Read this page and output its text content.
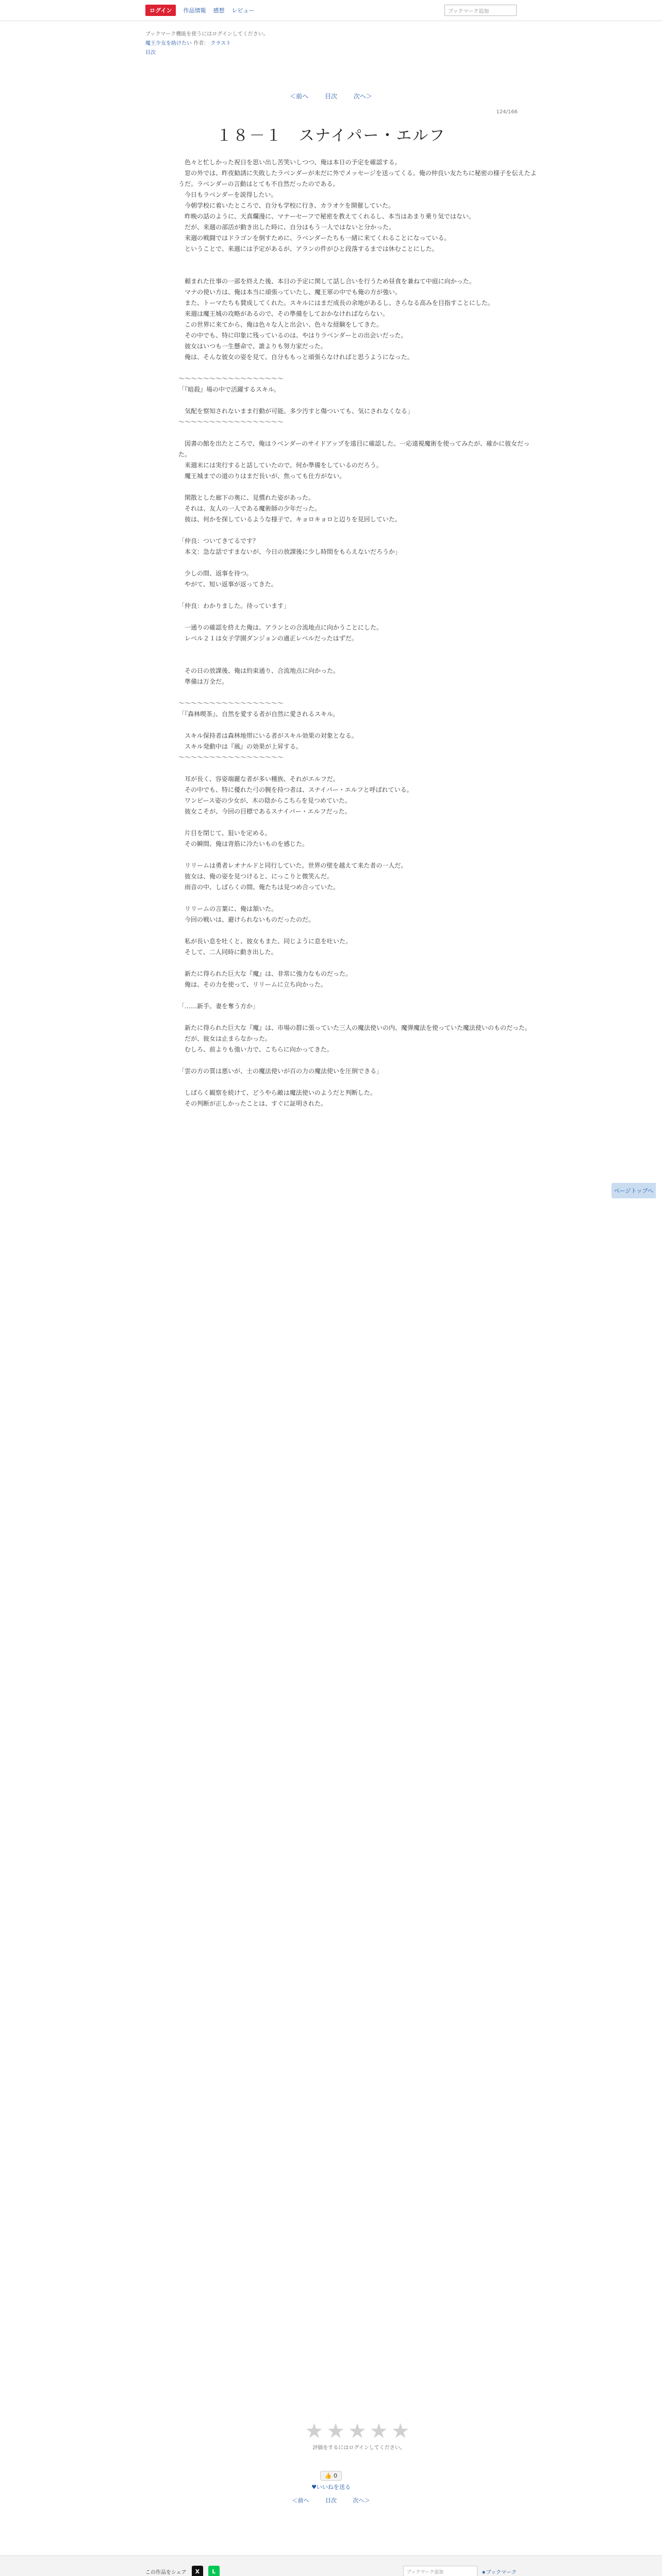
ログイン	作品情報 感想 レビュー	ブックマーク追加
ブックマーク機能を使うにはログインしてください。
魔王少女を助けたい 作者： クラスト
目次
＜前へ	目次	次へ＞
124/166
１８－１　スナイパー・エルフ

　色々と忙しかった祝日を思い出し苦笑いしつつ、俺は本日の予定を確認する。

　窓の外では、昨夜勧誘に失敗したラベンダーが未だに外でメッセージを送ってくる。俺の仲良い友たちに秘密の様子を伝えたようだ。ラベンダーの言動はとても不自然だったのである。

　今日もラベンダーを説得したい。

　今朝学校に着いたところで、自分も学校に行き、カラオケを開催していた。

　昨晩の話のように、天真爛漫に、マナーセーフで秘密を教えてくれるし、本当はあまり乗り気ではない。

　だが、来週の部活が動き出した時に、自分はもう一人ではないと分かった。

　来週の戦闘ではドラゴンを倒すために、ラベンダーたちも一緒に来てくれることになっている。

　ということで、来週には予定があるが、アランの件がひと段落するまでは休むことにした。

　頼まれた仕事の一部を終えた後、本日の予定に関して話し合いを行うため昼食を兼ねて中庭に向かった。

　マナの使い方は、俺は本当に頑張っていたし、魔王軍の中でも俺の方が強い。

　また、トーマたちも賛成してくれた。スキルにはまだ成長の余地があるし、さらなる高みを目指すことにした。

　来週は魔王城の攻略があるので、その準備をしておかなければならない。

　この世界に来てから、俺は色々な人と出会い、色々な経験をしてきた。

　その中でも、特に印象に残っているのは、やはりラベンダーとの出会いだった。

　彼女はいつも一生懸命で、誰よりも努力家だった。

　俺は、そんな彼女の姿を見て、自分ももっと頑張らなければと思うようになった。

〜〜〜〜〜〜〜〜〜〜〜〜〜〜〜〜〜

「『暗殺』場の中で活躍するスキル。

　気配を察知されないまま行動が可能。多少汚すと傷ついても、気にされなくなる」

〜〜〜〜〜〜〜〜〜〜〜〜〜〜〜〜〜

　図書の館を出たところで、俺はラベンダーのサイドアップを遠目に確認した。一応遠視魔術を使ってみたが、確かに彼女だった。

　来週末には実行すると話していたので、何か準備をしているのだろう。

　魔王城までの道のりはまだ長いが、焦っても仕方がない。

　閑散とした廊下の奥に、見慣れた姿があった。

　それは、友人の一人である魔術師の少年だった。

　彼は、何かを探しているような様子で、キョロキョロと辺りを見回していた。

「仲良：ついてきてるです？

　本文：急な話ですまないが、今日の放課後に少し時間をもらえないだろうか」

　少しの間、返事を待つ。

　やがて、短い返事が返ってきた。

「仲良：わかりました。待っています」

　一通りの確認を終えた俺は、アランとの合流地点に向かうことにした。

　レベル２１は女子学園ダンジョンの適正レベルだったはずだ。

　その日の放課後、俺は約束通り、合流地点に向かった。

　準備は万全だ。

〜〜〜〜〜〜〜〜〜〜〜〜〜〜〜〜〜

「『森林喫茶』、自然を愛する者が自然に愛されるスキル。

　スキル保持者は森林地帯にいる者がスキル効果の対象となる。

　スキル発動中は『風』の効果が上昇する。

〜〜〜〜〜〜〜〜〜〜〜〜〜〜〜〜〜

　耳が長く、容姿端麗な者が多い種族、それがエルフだ。

　その中でも、特に優れた弓の腕を持つ者は、スナイパー・エルフと呼ばれている。

　ワンピース姿の少女が、木の陰からこちらを見つめていた。

　彼女こそが、今回の目標であるスナイパー・エルフだった。

　片目を閉じて、狙いを定める。

　その瞬間、俺は背筋に冷たいものを感じた。

　リリームは勇者レオナルドと同行していた。世界の壁を越えて来た者の一人だ。

　彼女は、俺の姿を見つけると、にっこりと微笑んだ。

　雨音の中、しばらくの間、俺たちは見つめ合っていた。

　リリームの言葉に、俺は頷いた。

　今回の戦いは、避けられないものだったのだ。

　私が長い息を吐くと、彼女もまた、同じように息を吐いた。

　そして、二人同時に動き出した。

　新たに得られた巨大な『魔』は、非常に強力なものだった。

　俺は、その力を使って、リリームに立ち向かった。

「……新手。妻を奪う方か」

　新たに得られた巨大な『魔』は、市場の群に張っていた三人の魔法使いの内、魔弾魔法を使っていた魔法使いのものだった。

　だが、彼女は止まらなかった。

　むしろ、前よりも強い力で、こちらに向かってきた。

「雲の方の質は悪いが、士の魔法使いが百の力の魔法使いを圧倒できる」

　しばらく観察を続けて、どうやら敵は魔法使いのようだと判断した。

　その判断が正しかったことは、すぐに証明された。

ページトップへ
★★★★★
評価をするにはログインしてください。
👍 0
♥いいねを送る
＜前へ	目次	次へ＞
この作品をシェア	X	L	ブックマーク追加	★ブックマーク
